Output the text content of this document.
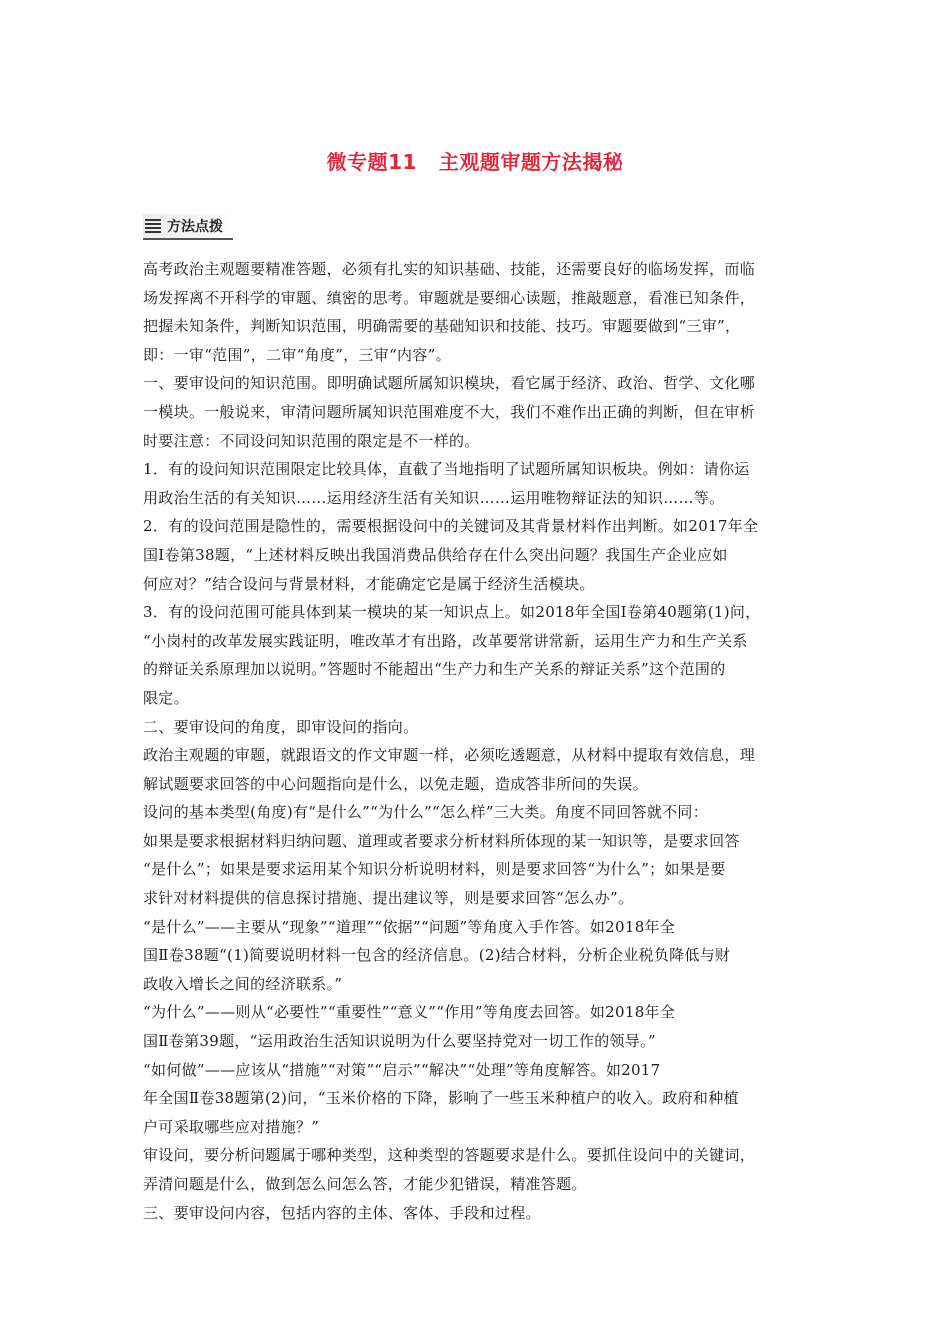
微专题11 主观题审题方法揭秘
方法点拨
高考政治主观题要精准答题，必须有扎实的知识基础、技能，还需要良好的临场发挥，而临
场发挥离不开科学的审题、缜密的思考。审题就是要细心读题，推敲题意，看准已知条件，
把握未知条件，判断知识范围，明确需要的基础知识和技能、技巧。审题要做到“三审”，
即：一审“范围”，二审“角度”，三审“内容”。
一、要审设问的知识范围。即明确试题所属知识模块，看它属于经济、政治、哲学、文化哪
一模块。一般说来，审清问题所属知识范围难度不大，我们不难作出正确的判断，但在审析
时要注意：不同设问知识范围的限定是不一样的。
1．有的设问知识范围限定比较具体，直截了当地指明了试题所属知识板块。例如：请你运
用政治生活的有关知识……运用经济生活有关知识……运用唯物辩证法的知识……等。
2．有的设问范围是隐性的，需要根据设问中的关键词及其背景材料作出判断。如2017年全
国Ⅰ卷第38题，“上述材料反映出我国消费品供给存在什么突出问题？我国生产企业应如
何应对？”结合设问与背景材料，才能确定它是属于经济生活模块。
3．有的设问范围可能具体到某一模块的某一知识点上。如2018年全国Ⅰ卷第40题第(1)问，
“小岗村的改革发展实践证明，唯改革才有出路，改革要常讲常新，运用生产力和生产关系
的辩证关系原理加以说明。”答题时不能超出“生产力和生产关系的辩证关系”这个范围的
限定。
二、要审设问的角度，即审设问的指向。
政治主观题的审题，就跟语文的作文审题一样，必须吃透题意，从材料中提取有效信息，理
解试题要求回答的中心问题指向是什么，以免走题，造成答非所问的失误。
设问的基本类型(角度)有“是什么”“为什么”“怎么样”三大类。角度不同回答就不同：
如果是要求根据材料归纳问题、道理或者要求分析材料所体现的某一知识等，是要求回答
“是什么”；如果是要求运用某个知识分析说明材料，则是要求回答“为什么”；如果是要
求针对材料提供的信息探讨措施、提出建议等，则是要求回答“怎么办”。
“是什么”——主要从“现象”“道理”“依据”“问题”等角度入手作答。如2018年全
国Ⅱ卷38题“(1)简要说明材料一包含的经济信息。(2)结合材料，分析企业税负降低与财
政收入增长之间的经济联系。”
“为什么”——则从“必要性”“重要性”“意义”“作用”等角度去回答。如2018年全
国Ⅱ卷第39题，“运用政治生活知识说明为什么要坚持党对一切工作的领导。”
“如何做”——应该从“措施”“对策”“启示”“解决”“处理”等角度解答。如2017
年全国Ⅱ卷38题第(2)问，“玉米价格的下降，影响了一些玉米种植户的收入。政府和种植
户可采取哪些应对措施？”
审设问，要分析问题属于哪种类型，这种类型的答题要求是什么。要抓住设问中的关键词，
弄清问题是什么，做到怎么问怎么答，才能少犯错误，精准答题。
三、要审设问内容，包括内容的主体、客体、手段和过程。
